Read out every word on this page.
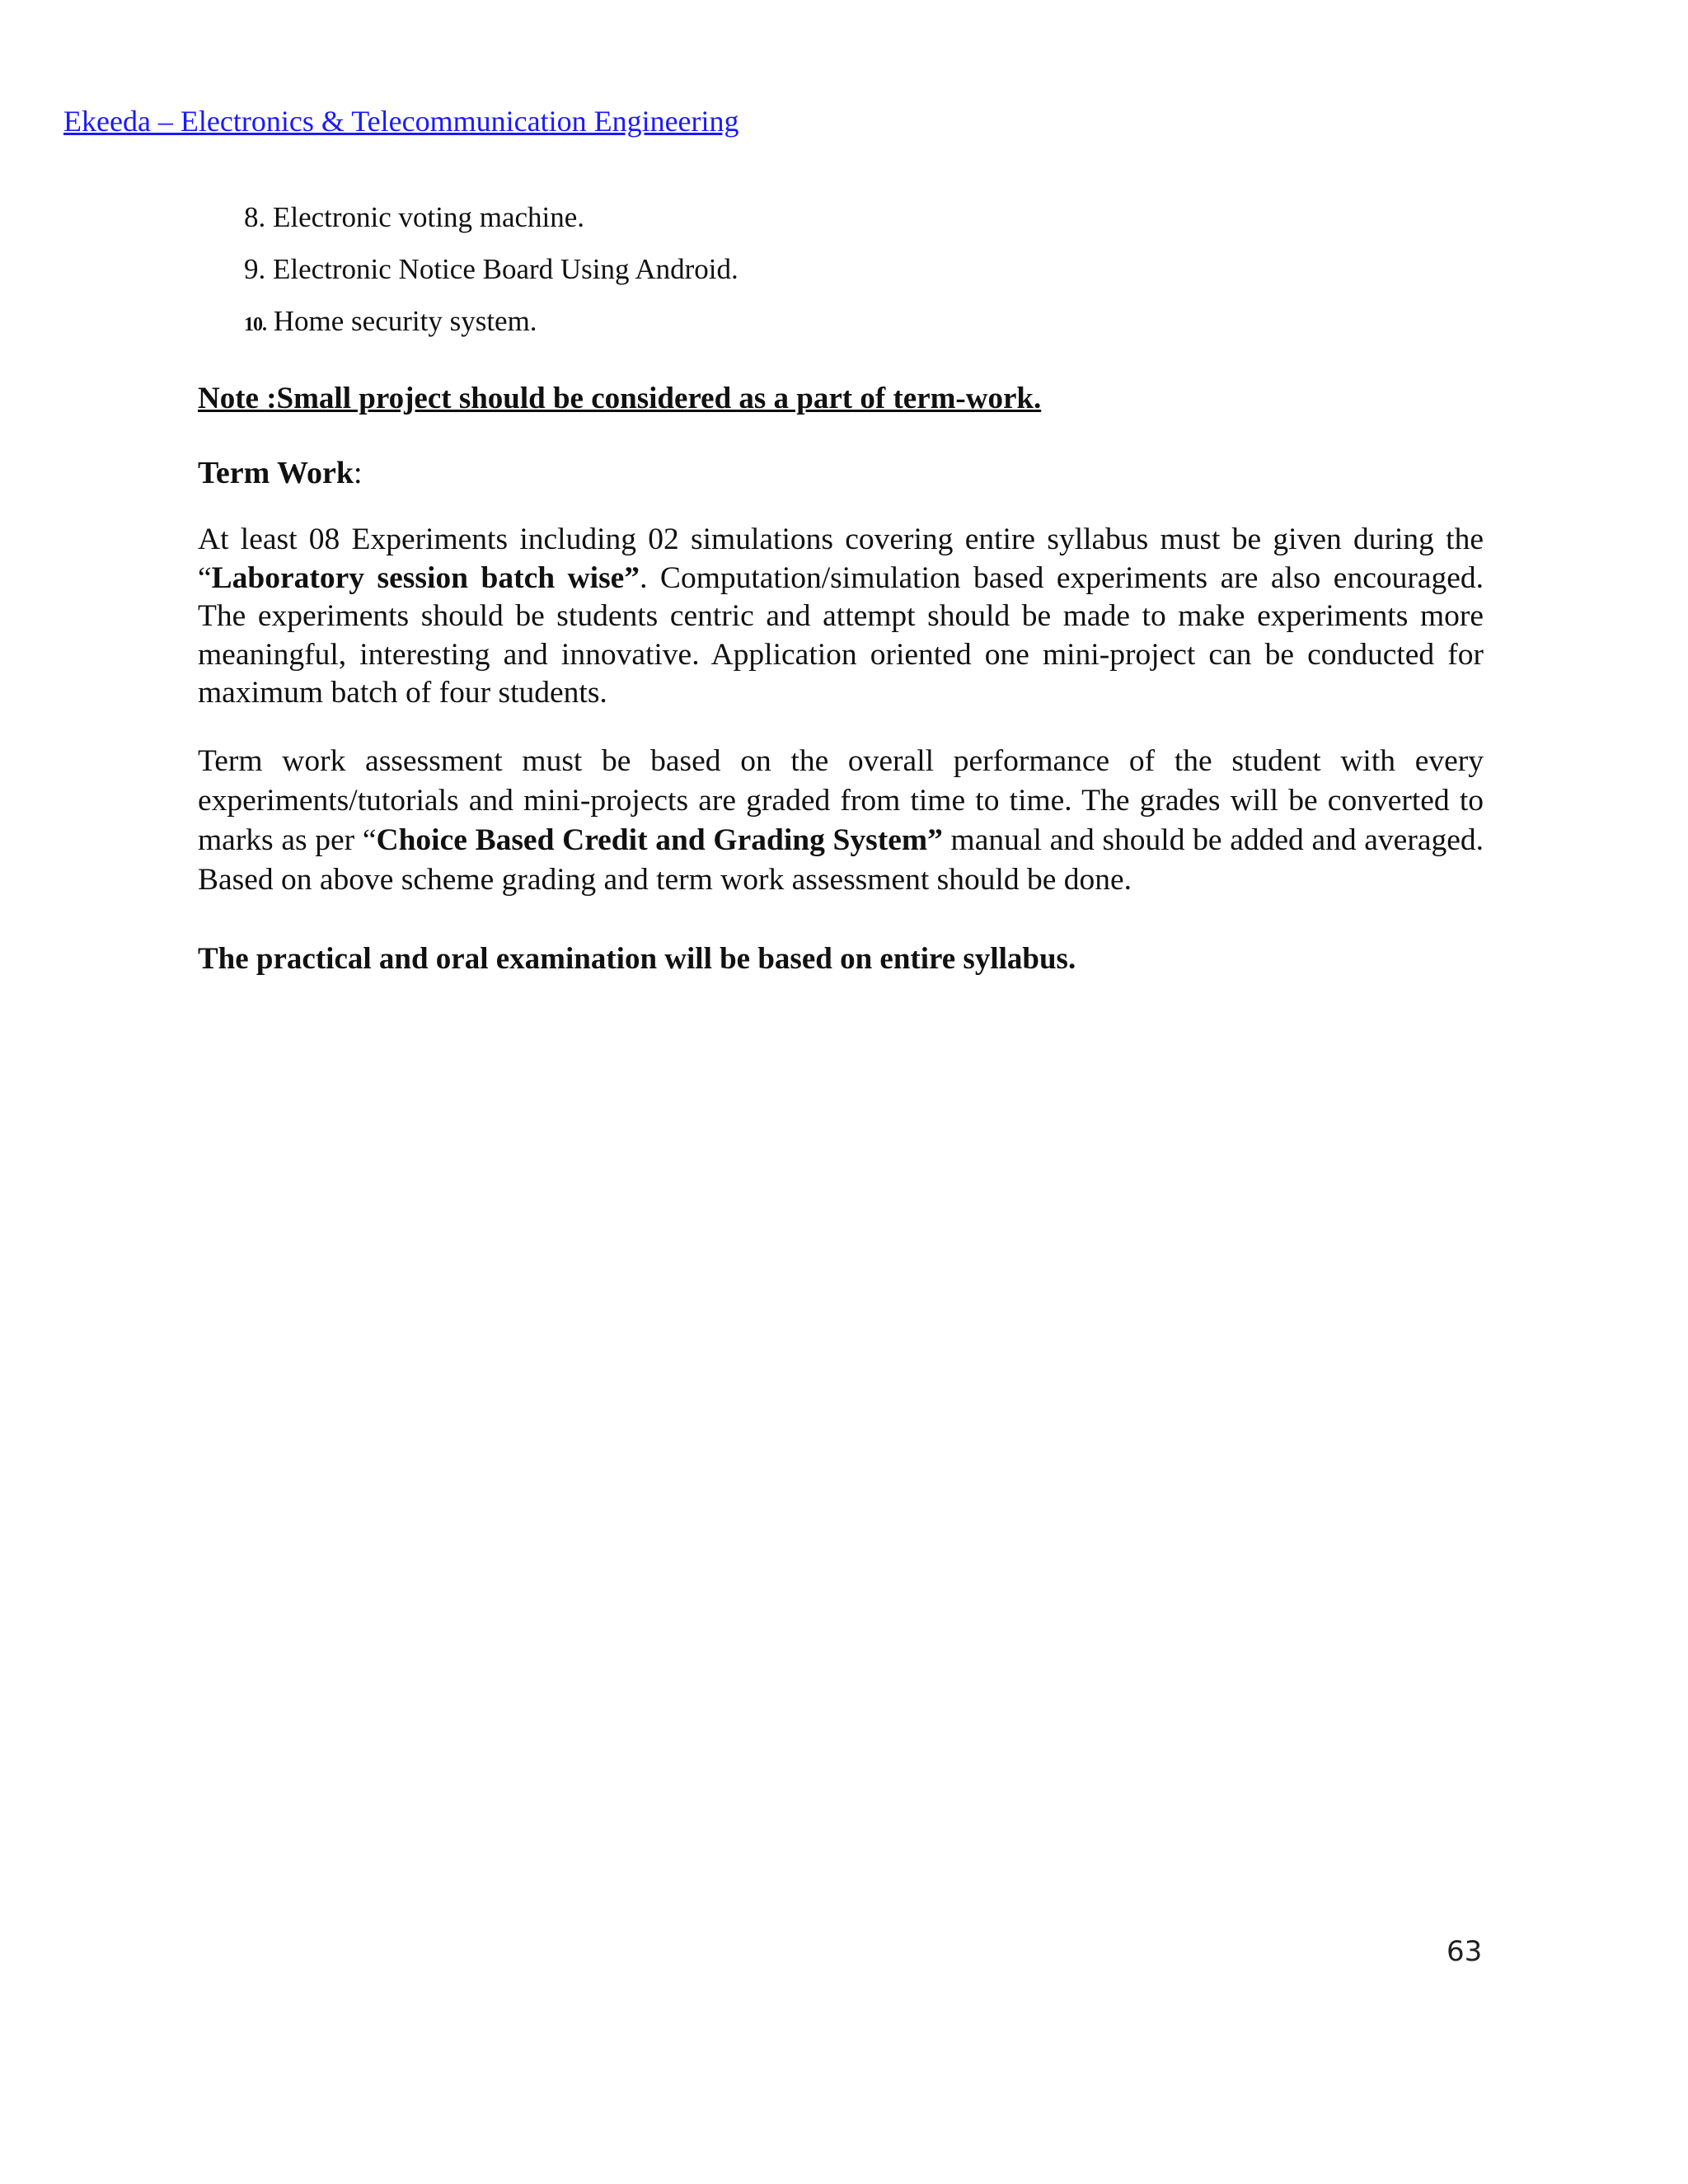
Ekeeda – Electronics & Telecommunication Engineering
8. Electronic voting machine.
9. Electronic Notice Board Using Android.
10. Home security system.
Note :Small project should be considered as a part of term-work.
Term Work:
At least 08 Experiments including 02 simulations covering entire syllabus must be given during the “Laboratory session batch wise”. Computation/simulation based experiments are also encouraged. The experiments should be students centric and attempt should be made to make experiments more meaningful, interesting and innovative. Application oriented one mini-project can be conducted for maximum batch of four students.
Term work assessment must be based on the overall performance of the student with every experiments/tutorials and mini-projects are graded from time to time. The grades will be converted to marks as per “Choice Based Credit and Grading System” manual and should be added and averaged. Based on above scheme grading and term work assessment should be done.
The practical and oral examination will be based on entire syllabus.
63
